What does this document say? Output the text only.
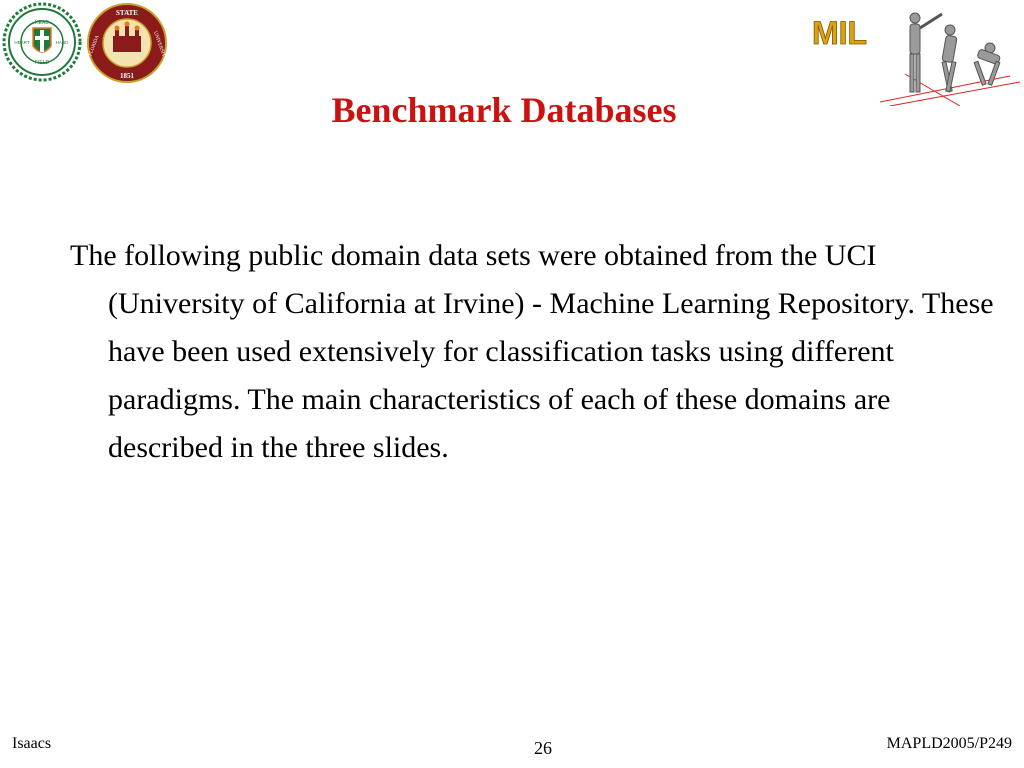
HEAD
FIELD
HEART	HAND
STATE
1851
FLORIDA	UNIVERSITY	MIL
Benchmark Databases
The following public domain data sets were obtained from the UCI (University of California at Irvine) - Machine Learning Repository. These have been used extensively for classification tasks using different paradigms. The main characteristics of each of these domains are described in the three slides.
Isaacs	26	MAPLD2005/P249
